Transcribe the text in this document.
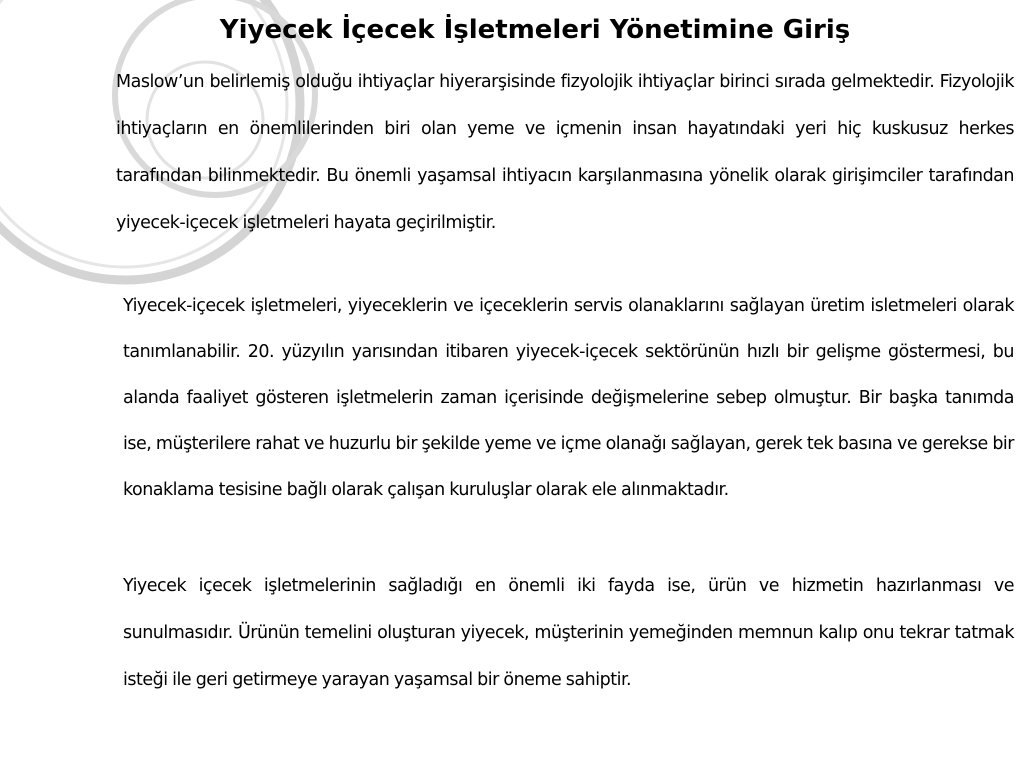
Yiyecek İçecek İşletmeleri Yönetimine Giriş

Maslow’un belirlemiş olduğu ihtiyaçlar hiyerarşisinde fizyolojik ihtiyaçlar birinci sırada gelmektedir. Fizyolojik ihtiyaçların en önemlilerinden biri olan yeme ve içmenin insan hayatındaki yeri hiç kuskusuz herkes tarafından bilinmektedir. Bu önemli yaşamsal ihtiyacın karşılanmasına yönelik olarak girişimciler tarafından yiyecek-içecek işletmeleri hayata geçirilmiştir.

Yiyecek-içecek işletmeleri, yiyeceklerin ve içeceklerin servis olanaklarını sağlayan üretim isletmeleri olarak tanımlanabilir. 20. yüzyılın yarısından itibaren yiyecek-içecek sektörünün hızlı bir gelişme göstermesi, bu alanda faaliyet gösteren işletmelerin zaman içerisinde değişmelerine sebep olmuştur. Bir başka tanımda ise, müşterilere rahat ve huzurlu bir şekilde yeme ve içme olanağı sağlayan, gerek tek basına ve gerekse bir konaklama tesisine bağlı olarak çalışan kuruluşlar olarak ele alınmaktadır.

Yiyecek içecek işletmelerinin sağladığı en önemli iki fayda ise, ürün ve hizmetin hazırlanması ve sunulmasıdır. Ürünün temelini oluşturan yiyecek, müşterinin yemeğinden memnun kalıp onu tekrar tatmak isteği ile geri getirmeye yarayan yaşamsal bir öneme sahiptir.
